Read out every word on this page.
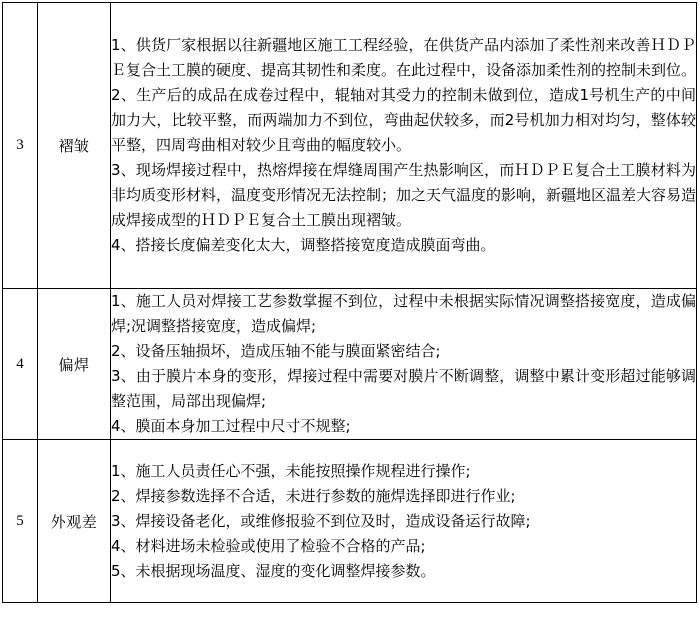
3	褶皱	
1、供货厂家根据以往新疆地区施工工程经验，在供货产品内添加了柔性剂来改善ＨＤＰＥ复合土工膜的硬度、提高其韧性和柔度。在此过程中，设备添加柔性剂的控制未到位。
2、生产后的成品在成卷过程中，辊轴对其受力的控制未做到位，造成1号机生产的中间加力大，比较平整，而两端加力不到位，弯曲起伏较多，而2号机加力相对均匀，整体较平整，四周弯曲相对较少且弯曲的幅度较小。
3、现场焊接过程中，热熔焊接在焊缝周围产生热影响区，而ＨＤＰＥ复合土工膜材料为非均质变形材料，温度变形情况无法控制；加之天气温度的影响，新疆地区温差大容易造成焊接成型的ＨＤＰＥ复合土工膜出现褶皱。
4、搭接长度偏差变化太大，调整搭接宽度造成膜面弯曲。

4	偏焊	
1、施工人员对焊接工艺参数掌握不到位，过程中未根据实际情况调整搭接宽度，造成偏焊;况调整搭接宽度，造成偏焊;
2、设备压轴损坏，造成压轴不能与膜面紧密结合;
3、由于膜片本身的变形，焊接过程中需要对膜片不断调整，调整中累计变形超过能够调整范围，局部出现偏焊;
4、膜面本身加工过程中尺寸不规整;

5	外观差	
1、施工人员责任心不强，未能按照操作规程进行操作;
2、焊接参数选择不合适，未进行参数的施焊选择即进行作业;
3、焊接设备老化，或维修报验不到位及时，造成设备运行故障;
4、材料进场未检验或使用了检验不合格的产品;
5、未根据现场温度、湿度的变化调整焊接参数。
